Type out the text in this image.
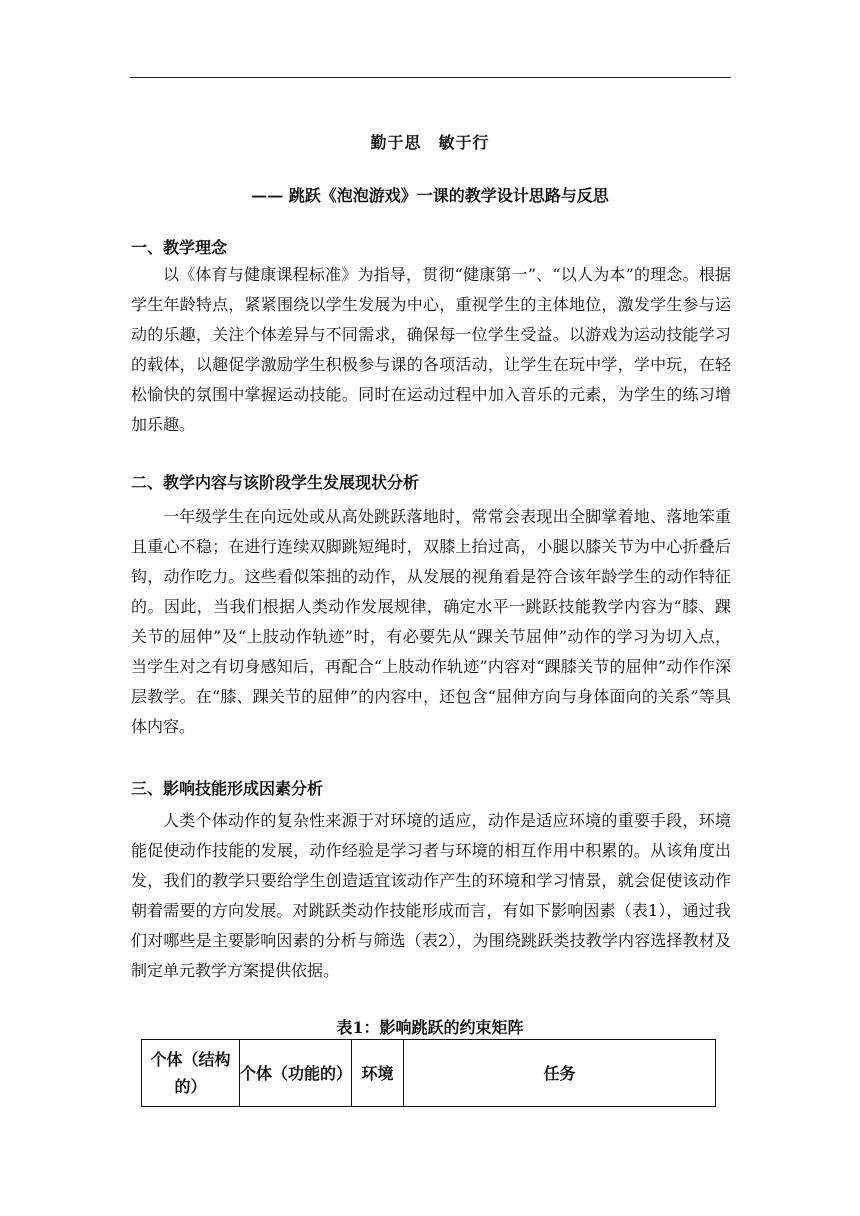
勤于思　敏于行
—— 跳跃《泡泡游戏》一课的教学设计思路与反思
一、教学理念

以《体育与健康课程标准》为指导，贯彻“健康第一”、“以人为本”的理念。根据学生年龄特点，紧紧围绕以学生发展为中心，重视学生的主体地位，激发学生参与运动的乐趣，关注个体差异与不同需求，确保每一位学生受益。以游戏为运动技能学习的载体，以趣促学激励学生积极参与课的各项活动，让学生在玩中学，学中玩，在轻松愉快的氛围中掌握运动技能。同时在运动过程中加入音乐的元素，为学生的练习增加乐趣。

二、教学内容与该阶段学生发展现状分析

一年级学生在向远处或从高处跳跃落地时，常常会表现出全脚掌着地、落地笨重且重心不稳；在进行连续双脚跳短绳时，双膝上抬过高，小腿以膝关节为中心折叠后钩，动作吃力。这些看似笨拙的动作，从发展的视角看是符合该年龄学生的动作特征的。因此，当我们根据人类动作发展规律，确定水平一跳跃技能教学内容为“膝、踝关节的屈伸”及“上肢动作轨迹”时，有必要先从“踝关节屈伸”动作的学习为切入点，当学生对之有切身感知后，再配合“上肢动作轨迹”内容对“踝膝关节的屈伸”动作作深层教学。在“膝、踝关节的屈伸”的内容中，还包含“屈伸方向与身体面向的关系”等具体内容。

三、影响技能形成因素分析

人类个体动作的复杂性来源于对环境的适应，动作是适应环境的重要手段，环境能促使动作技能的发展，动作经验是学习者与环境的相互作用中积累的。从该角度出发，我们的教学只要给学生创造适宜该动作产生的环境和学习情景，就会促使该动作朝着需要的方向发展。对跳跃类动作技能形成而言，有如下影响因素（表1），通过我们对哪些是主要影响因素的分析与筛选（表2），为围绕跳跃类技教学内容选择教材及制定单元教学方案提供依据。

表1：影响跳跃的约束矩阵
个体（结构的）	个体（功能的）	环境	任务
